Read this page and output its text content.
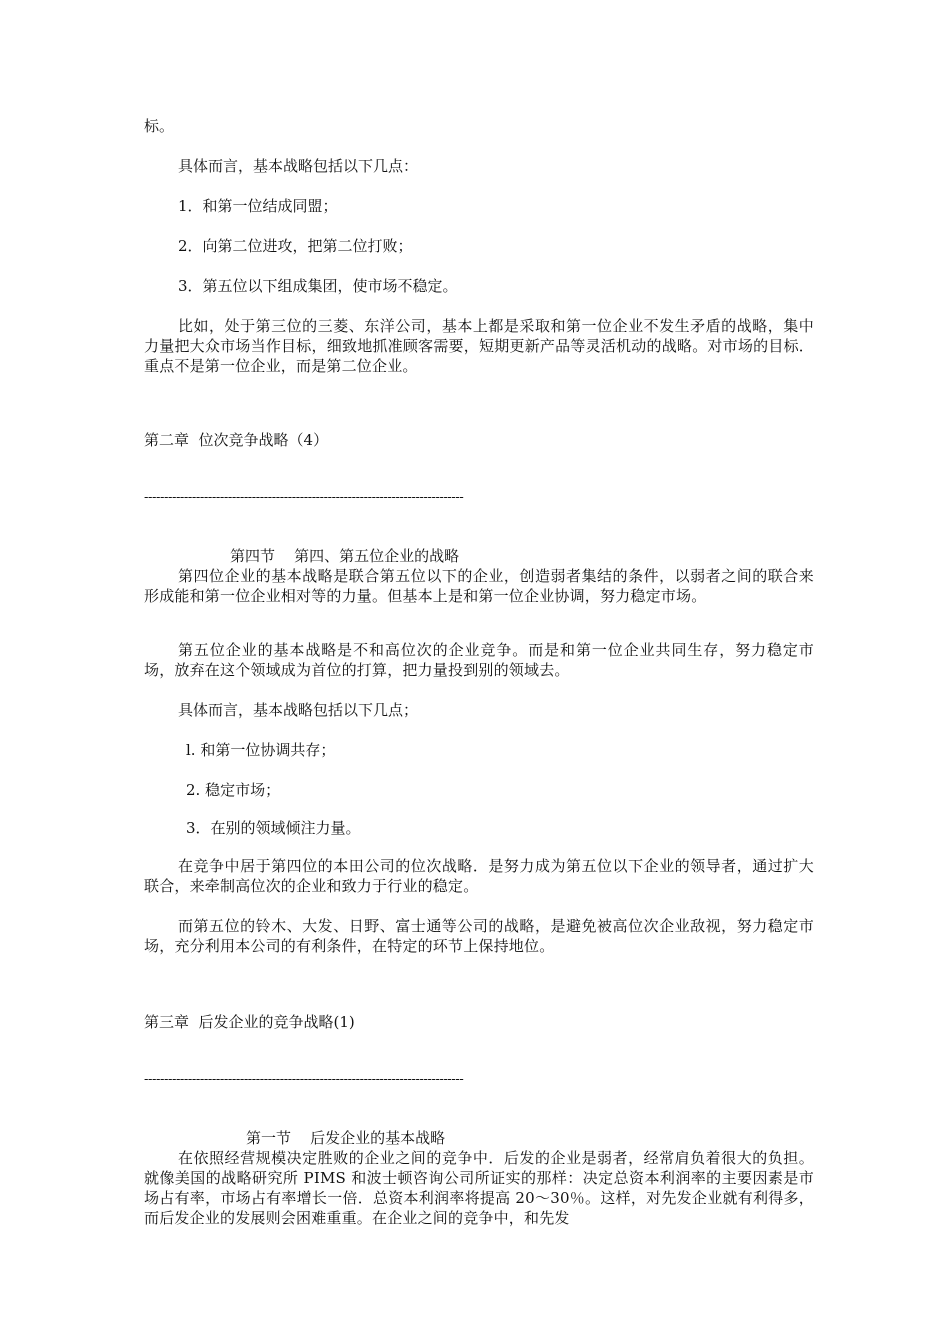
标。
具体而言，基本战略包括以下几点：
1．和第一位结成同盟；
2．向第二位进攻，把第二位打败；
3．第五位以下组成集团，使市场不稳定。
比如，处于第三位的三菱、东洋公司，基本上都是采取和第一位企业不发生矛盾的战略，集中力量把大众市场当作目标，细致地抓准顾客需要，短期更新产品等灵活机动的战略。对市场的目标．重点不是第一位企业，而是第二位企业。
第二章  位次竞争战略（4）
--------------------------------------------------------------------------------
第四节    第四、第五位企业的战略
第四位企业的基本战略是联合第五位以下的企业，创造弱者集结的条件，以弱者之间的联合来形成能和第一位企业相对等的力量。但基本上是和第一位企业协调，努力稳定市场。
第五位企业的基本战略是不和高位次的企业竞争。而是和第一位企业共同生存，努力稳定市场，放弃在这个领域成为首位的打算，把力量投到别的领域去。
具体而言，基本战略包括以下几点；
l. 和第一位协调共存；
2. 稳定市场；
3．在别的领域倾注力量。
在竞争中居于第四位的本田公司的位次战略．是努力成为第五位以下企业的领导者，通过扩大联合，来牵制高位次的企业和致力于行业的稳定。
而第五位的铃木、大发、日野、富士通等公司的战略，是避免被高位次企业敌视，努力稳定市场，充分利用本公司的有利条件，在特定的环节上保持地位。
第三章  后发企业的竞争战略(1)
--------------------------------------------------------------------------------
第一节    后发企业的基本战略
在依照经营规模决定胜败的企业之间的竞争中．后发的企业是弱者，经常肩负着很大的负担。就像美国的战略研究所 PIMS 和波士顿咨询公司所证实的那样：决定总资本利润率的主要因素是市场占有率，市场占有率增长一倍．总资本利润率将提高 20～30％。这样，对先发企业就有利得多，而后发企业的发展则会困难重重。在企业之间的竞争中，和先发
